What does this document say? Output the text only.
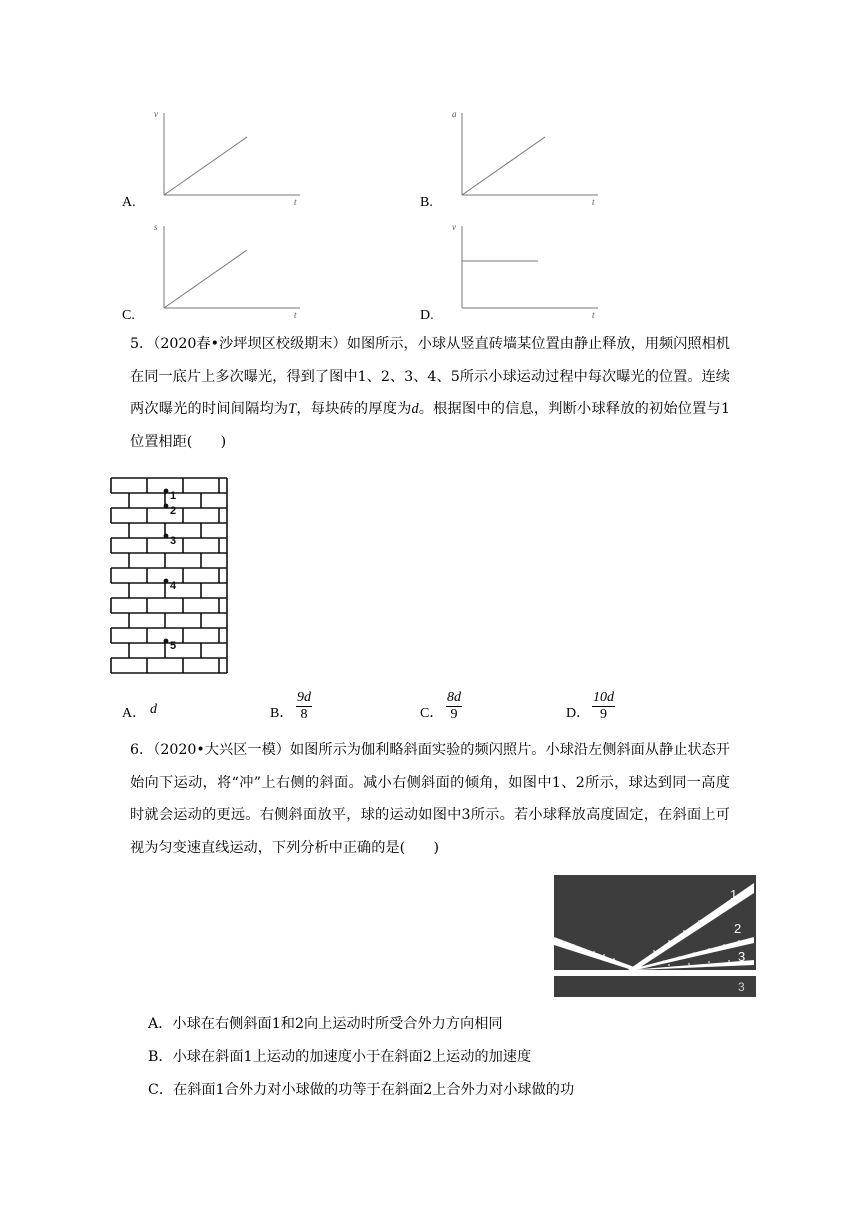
A.
v
t	B.
a
t
C.
s
t	D.
v
t
5．（2020春•沙坪坝区校级期末）如图所示，小球从竖直砖墙某位置由静止释放，用频闪照相机在同一底片上多次曝光，得到了图中1、2、3、4、5所示小球运动过程中每次曝光的位置。连续两次曝光的时间间隔均为T，每块砖的厚度为d。根据图中的信息，判断小球释放的初始位置与1位置相距(　　)
1
2
3
4
5
A． d	B． $\frac{9d}{8}$	C． $\frac{8d}{9}$	D． $\frac{10d}{9}$
6．（2020•大兴区一模）如图所示为伽利略斜面实验的频闪照片。小球沿左侧斜面从静止状态开始向下运动，将“冲”上右侧的斜面。减小右侧斜面的倾角，如图中1、2所示，球达到同一高度时就会运动的更远。右侧斜面放平，球的运动如图中3所示。若小球释放高度固定，在斜面上可视为匀变速直线运动，下列分析中正确的是(　　)
1
2
3
3
A．小球在右侧斜面1和2向上运动时所受合外力方向相同
B．小球在斜面1上运动的加速度小于在斜面2上运动的加速度
C．在斜面1合外力对小球做的功等于在斜面2上合外力对小球做的功
